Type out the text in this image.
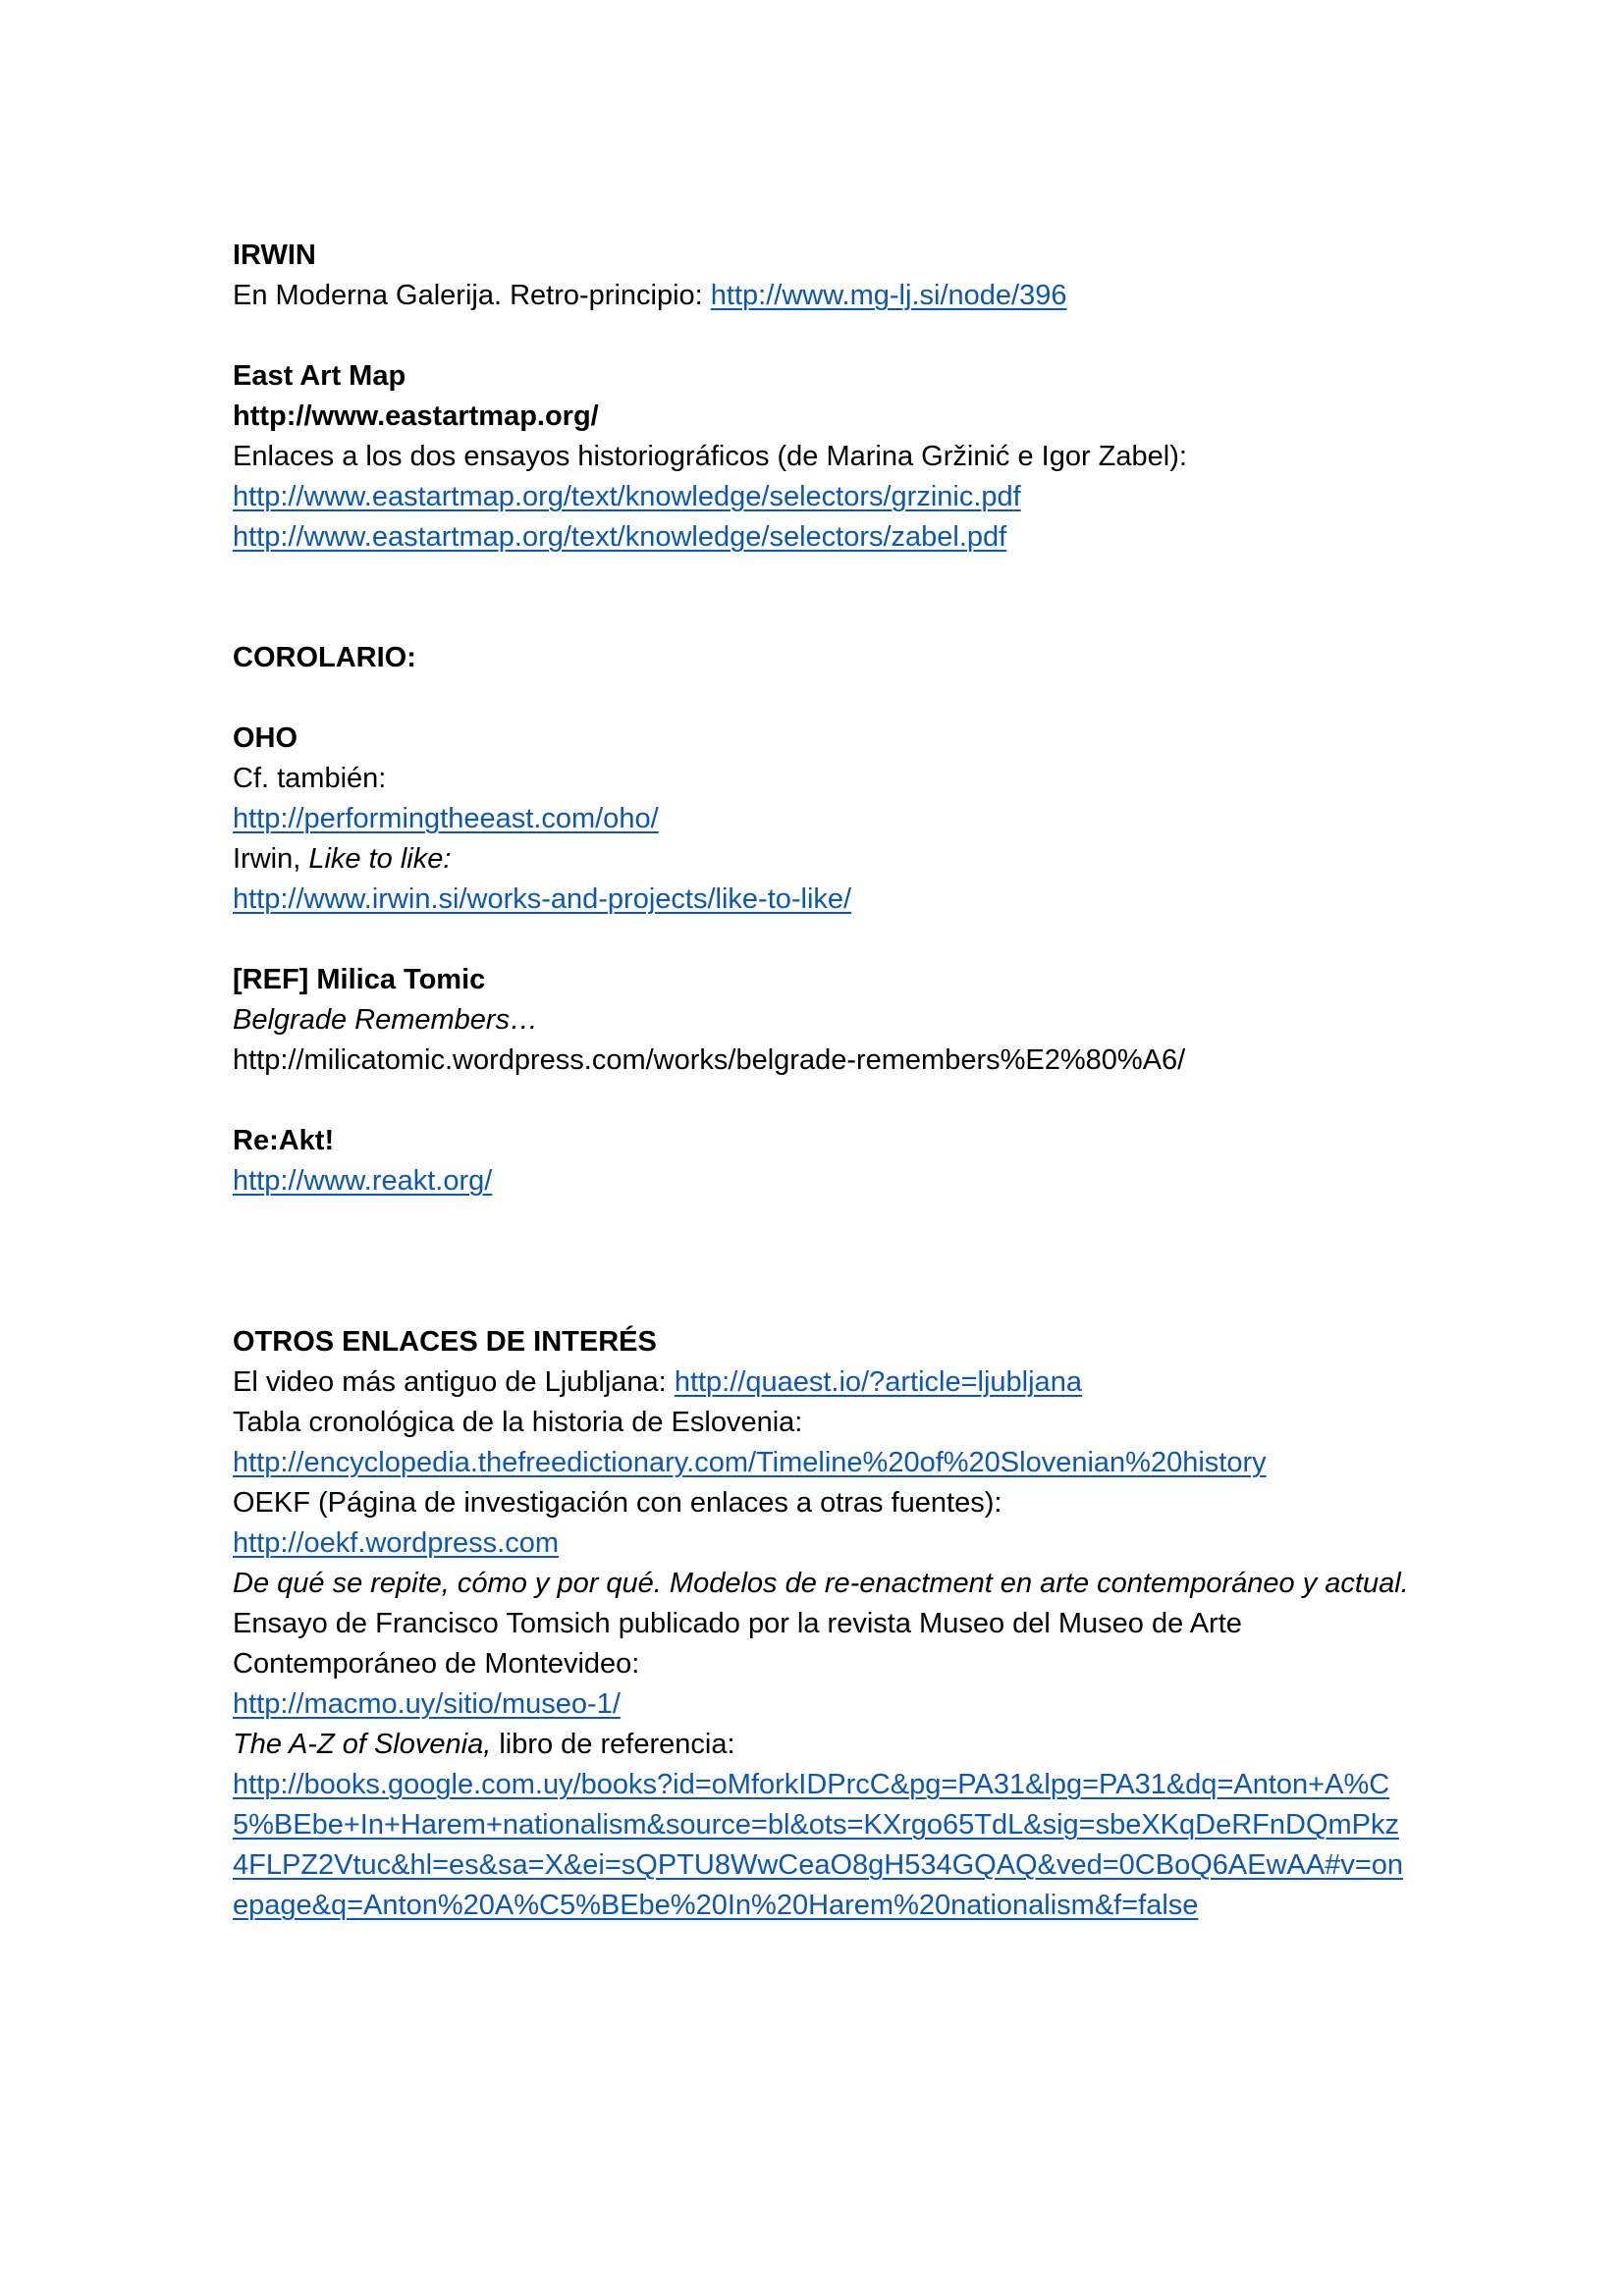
IRWIN
En Moderna Galerija. Retro-principio: http://www.mg-lj.si/node/396
East Art Map
http://www.eastartmap.org/
Enlaces a los dos ensayos historiográficos (de Marina Gržinić e Igor Zabel):
http://www.eastartmap.org/text/knowledge/selectors/grzinic.pdf
http://www.eastartmap.org/text/knowledge/selectors/zabel.pdf
COROLARIO:
OHO
Cf. también:
http://performingtheeast.com/oho/
Irwin, Like to like:
http://www.irwin.si/works-and-projects/like-to-like/
[REF] Milica Tomic
Belgrade Remembers…
http://milicatomic.wordpress.com/works/belgrade-remembers%E2%80%A6/
Re:Akt!
http://www.reakt.org/
OTROS ENLACES DE INTERÉS
El video más antiguo de Ljubljana: http://quaest.io/?article=ljubljana
Tabla cronológica de la historia de Eslovenia:
http://encyclopedia.thefreedictionary.com/Timeline%20of%20Slovenian%20history
OEKF (Página de investigación con enlaces a otras fuentes):
http://oekf.wordpress.com
De qué se repite, cómo y por qué. Modelos de re-enactment en arte contemporáneo y actual. Ensayo de Francisco Tomsich publicado por la revista Museo del Museo de Arte Contemporáneo de Montevideo:
http://macmo.uy/sitio/museo-1/
The A-Z of Slovenia, libro de referencia:
http://books.google.com.uy/books?id=oMforkIDPrcC&pg=PA31&lpg=PA31&dq=Anton+A%C5%BEbe+In+Harem+nationalism&source=bl&ots=KXrgo65TdL&sig=sbeXKqDeRFnDQmPkz4FLPZ2Vtuc&hl=es&sa=X&ei=sQPTU8WwCeaO8gH534GQAQ&ved=0CBoQ6AEwAA#v=onepage&q=Anton%20A%C5%BEbe%20In%20Harem%20nationalism&f=false
